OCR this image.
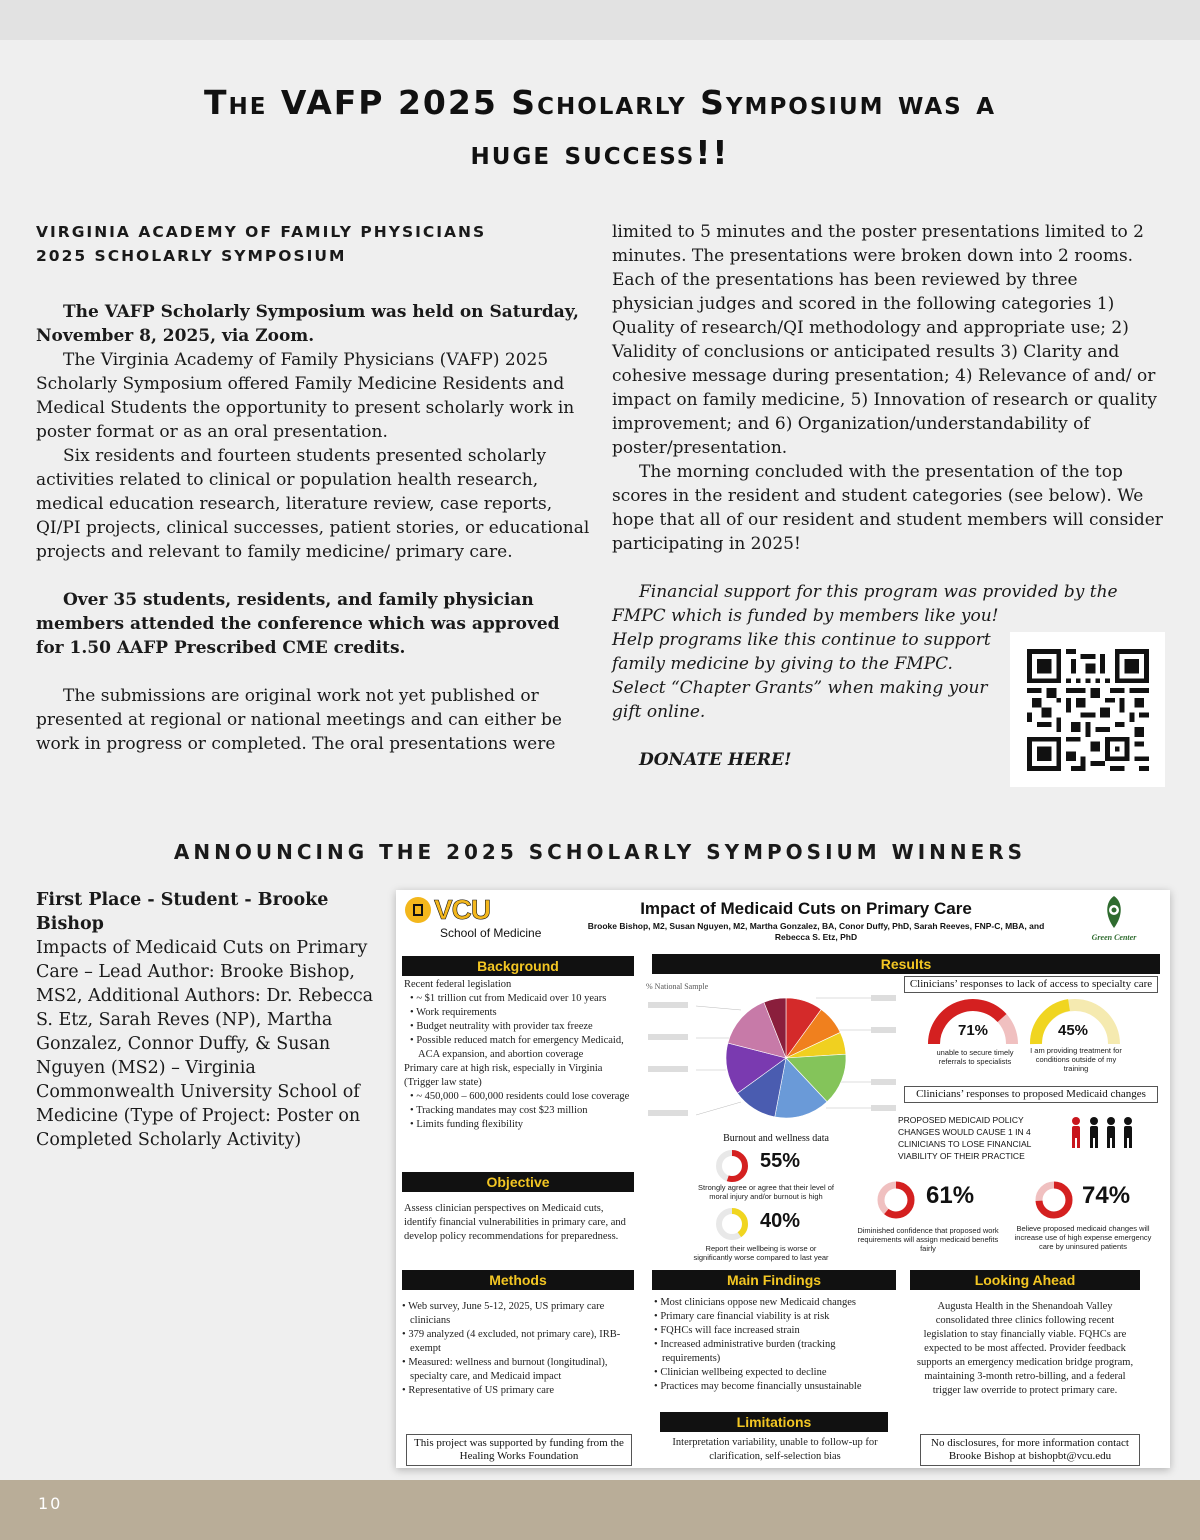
The VAFP 2025 Scholarly Symposium was a
huge success!!
VIRGINIA ACADEMY OF FAMILY PHYSICIANS
2025 SCHOLARLY SYMPOSIUM

The VAFP Scholarly Symposium was held on Saturday, November 8, 2025, via Zoom.

The Virginia Academy of Family Physicians (VAFP) 2025 Scholarly Symposium offered Family Medicine Residents and Medical Students the opportunity to present scholarly work in poster format or as an oral presentation.

Six residents and fourteen students presented scholarly activities related to clinical or population health research, medical education research, literature review, case reports, QI/PI projects, clinical successes, patient stories, or educational projects and relevant to family medicine/ primary care.

Over 35 students, residents, and family physician members attended the conference which was approved for 1.50 AAFP Prescribed CME credits.

The submissions are original work not yet published or presented at regional or national meetings and can either be work in progress or completed. The oral presentations were

limited to 5 minutes and the poster presentations limited to 2 minutes. The presentations were broken down into 2 rooms. Each of the presentations has been reviewed by three physician judges and scored in the following categories 1) Quality of research/QI methodology and appropriate use; 2) Validity of conclusions or anticipated results 3) Clarity and cohesive message during presentation; 4) Relevance of and/ or impact on family medicine, 5) Innovation of research or quality improvement; and 6) Organization/understandability of poster/presentation.

The morning concluded with the presentation of the top scores in the resident and student categories (see below). We hope that all of our resident and student members will consider participating in 2025!

Financial support for this program was provided by the

FMPC which is funded by members like you!

Help programs like this continue to support

family medicine by giving to the FMPC.

Select “Chapter Grants” when making your

gift online.

DONATE HERE!

ANNOUNCING THE 2025 SCHOLARLY SYMPOSIUM WINNERS
First Place - Student - Brooke Bishop
Impacts of Medicaid Cuts on Primary Care – Lead Author: Brooke Bishop, MS2, Additional Authors: Dr. Rebecca S. Etz, Sarah Reves (NP), Martha Gonzalez, Connor Duffy, & Susan Nguyen (MS2) – Virginia Commonwealth University School of Medicine (Type of Project: Poster on Completed Scholarly Activity)
VCU
School of Medicine
Impact of Medicaid Cuts on Primary Care
Brooke Bishop, M2, Susan Nguyen, M2, Martha Gonzalez, BA, Conor Duffy, PhD, Sarah Reeves, FNP-C, MBA, and Rebecca S. Etz, PhD	Green Center
Background
Recent federal legislation
• ~ $1 trillion cut from Medicaid over 10 years
• Work requirements
• Budget neutrality with provider tax freeze
• Possible reduced match for emergency Medicaid, ACA expansion, and abortion coverage
Primary care at high risk, especially in Virginia (Trigger law state)
• ~ 450,000 – 600,000 residents could lose coverage
• Tracking mandates may cost $23 million
• Limits funding flexibility
Objective
Assess clinician perspectives on Medicaid cuts, identify financial vulnerabilities in primary care, and develop policy recommendations for preparedness.
Methods
• Web survey, June 5-12, 2025, US primary care clinicians
• 379 analyzed (4 excluded, not primary care), IRB-exempt
• Measured: wellness and burnout (longitudinal), specialty care, and Medicaid impact
• Representative of US primary care
This project was supported by funding from the Healing Works Foundation
Results
% National Sample
Burnout and wellness data
55%
Strongly agree or agree that their level of moral injury and/or burnout is high
40%
Report their wellbeing is worse or significantly worse compared to last year
Clinicians’ responses to lack of access to specialty care
71%
unable to secure timely referrals to specialists
45%
I am providing treatment for conditions outside of my training
Clinicians’ responses to proposed Medicaid changes
PROPOSED MEDICAID POLICY CHANGES WOULD CAUSE 1 IN 4 CLINICIANS TO LOSE FINANCIAL VIABILITY OF THEIR PRACTICE
61%
Diminished confidence that proposed work requirements will assign medicaid benefits fairly
74%
Believe proposed medicaid changes will increase use of high expense emergency care by uninsured patients
Main Findings
• Most clinicians oppose new Medicaid changes
• Primary care financial viability is at risk
• FQHCs will face increased strain
• Increased administrative burden (tracking requirements)
• Clinician wellbeing expected to decline
• Practices may become financially unsustainable
Limitations
Interpretation variability, unable to follow-up for clarification, self-selection bias
Looking Ahead
Augusta Health in the Shenandoah Valley consolidated three clinics following recent legislation to stay financially viable. FQHCs are expected to be most affected. Provider feedback supports an emergency medication bridge program, maintaining 3-month retro-billing, and a federal trigger law override to protect primary care.
No disclosures, for more information contact Brooke Bishop at bishopbt@vcu.edu
10
